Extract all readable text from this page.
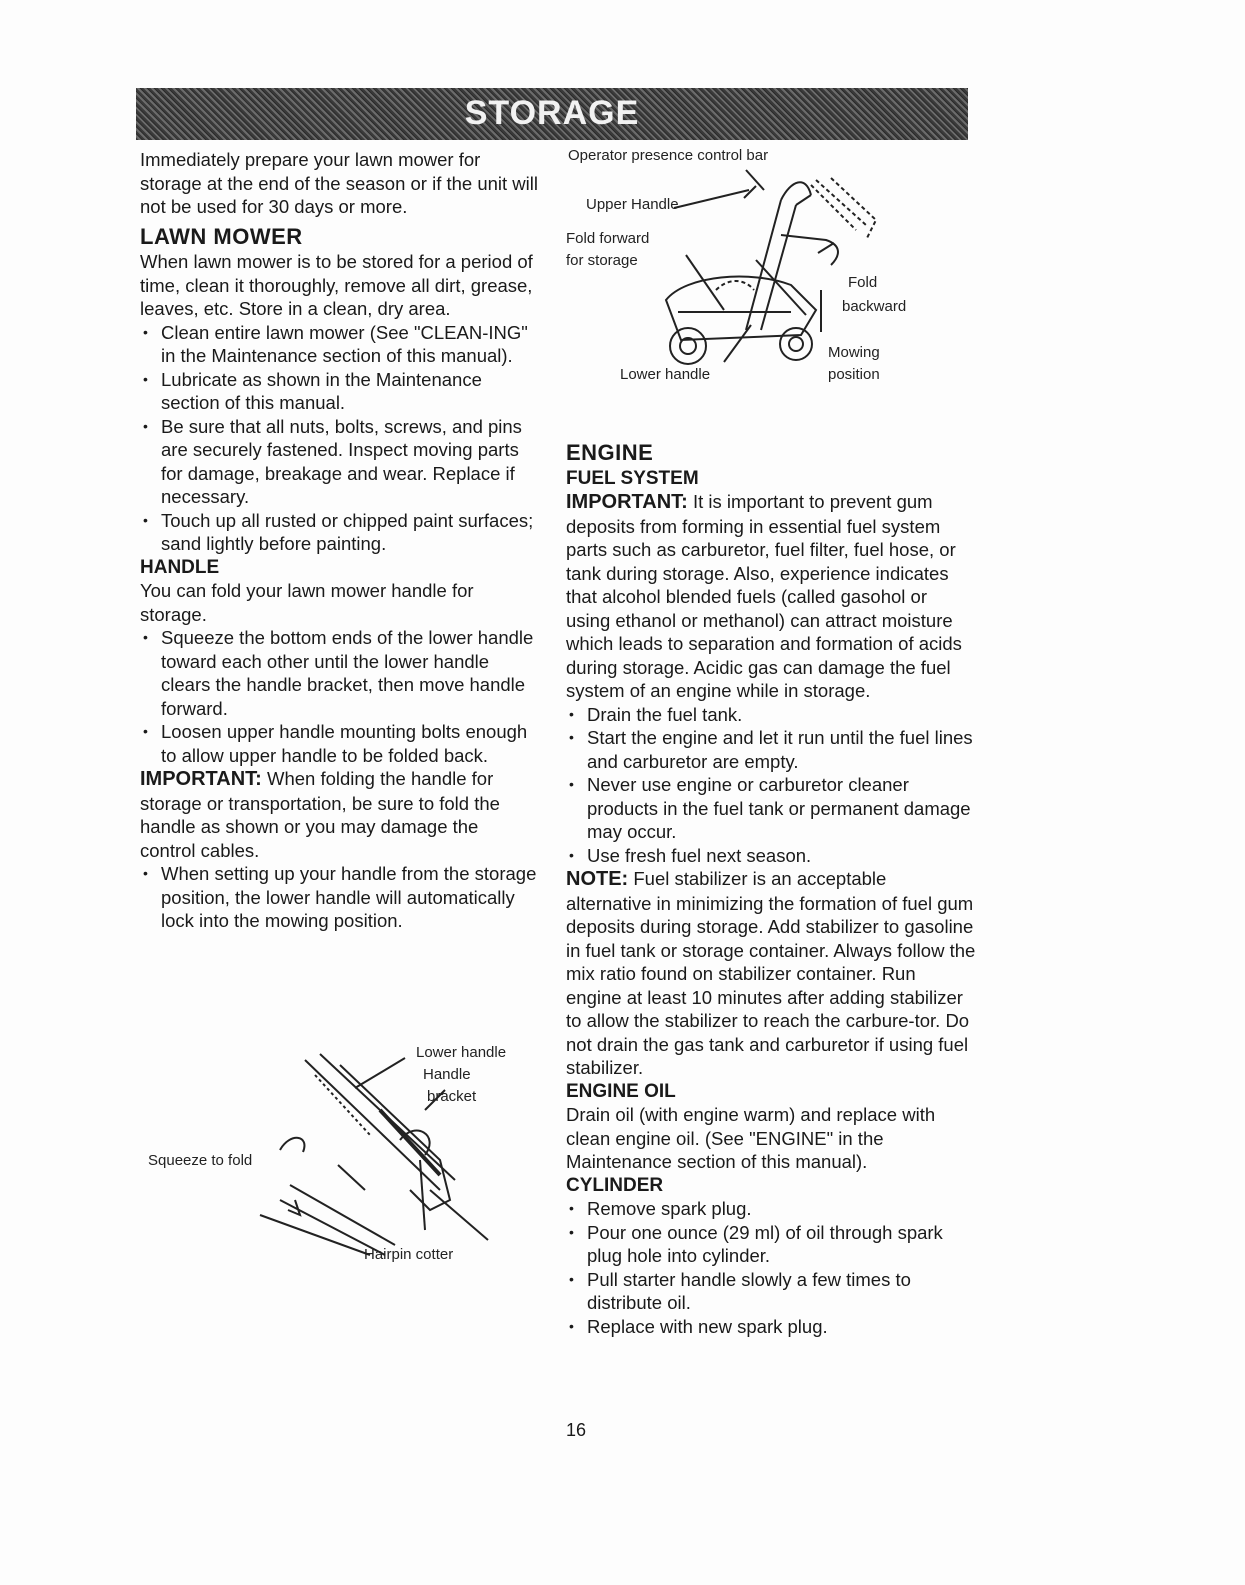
STORAGE

Immediately prepare your lawn mower for storage at the end of the season or if the unit will not be used for 30 days or more.

LAWN MOWER

When lawn mower is to be stored for a period of time, clean it thoroughly, remove all dirt, grease, leaves, etc. Store in a clean, dry area.

• Clean entire lawn mower (See "CLEAN-ING" in the Maintenance section of this manual).
• Lubricate as shown in the Maintenance section of this manual.
• Be sure that all nuts, bolts, screws, and pins are securely fastened. Inspect moving parts for damage, breakage and wear. Replace if necessary.
• Touch up all rusted or chipped paint surfaces; sand lightly before painting.
HANDLE

You can fold your lawn mower handle for storage.

• Squeeze the bottom ends of the lower handle toward each other until the lower handle clears the handle bracket, then move handle forward.
• Loosen upper handle mounting bolts enough to allow upper handle to be folded back.

IMPORTANT: When folding the handle for storage or transportation, be sure to fold the handle as shown or you may damage the control cables.

• When setting up your handle from the storage position, the lower handle will automatically lock into the mowing position.
Lower handle
Handle
bracket
Squeeze to fold
Hairpin cotter
Operator presence control bar
Upper Handle
Fold forward
for storage
Fold
backward
Mowing
position
Lower handle
ENGINE
FUEL SYSTEM

IMPORTANT: It is important to prevent gum deposits from forming in essential fuel system parts such as carburetor, fuel filter, fuel hose, or tank during storage. Also, experience indicates that alcohol blended fuels (called gasohol or using ethanol or methanol) can attract moisture which leads to separation and formation of acids during storage. Acidic gas can damage the fuel system of an engine while in storage.

• Drain the fuel tank.
• Start the engine and let it run until the fuel lines and carburetor are empty.
• Never use engine or carburetor cleaner products in the fuel tank or permanent damage may occur.
• Use fresh fuel next season.

NOTE: Fuel stabilizer is an acceptable alternative in minimizing the formation of fuel gum deposits during storage. Add stabilizer to gasoline in fuel tank or storage container. Always follow the mix ratio found on stabilizer container. Run engine at least 10 minutes after adding stabilizer to allow the stabilizer to reach the carbure-tor. Do not drain the gas tank and carburetor if using fuel stabilizer.

ENGINE OIL

Drain oil (with engine warm) and replace with clean engine oil. (See "ENGINE" in the Maintenance section of this manual).

CYLINDER
• Remove spark plug.
• Pour one ounce (29 ml) of oil through spark plug hole into cylinder.
• Pull starter handle slowly a few times to distribute oil.
• Replace with new spark plug.
16
